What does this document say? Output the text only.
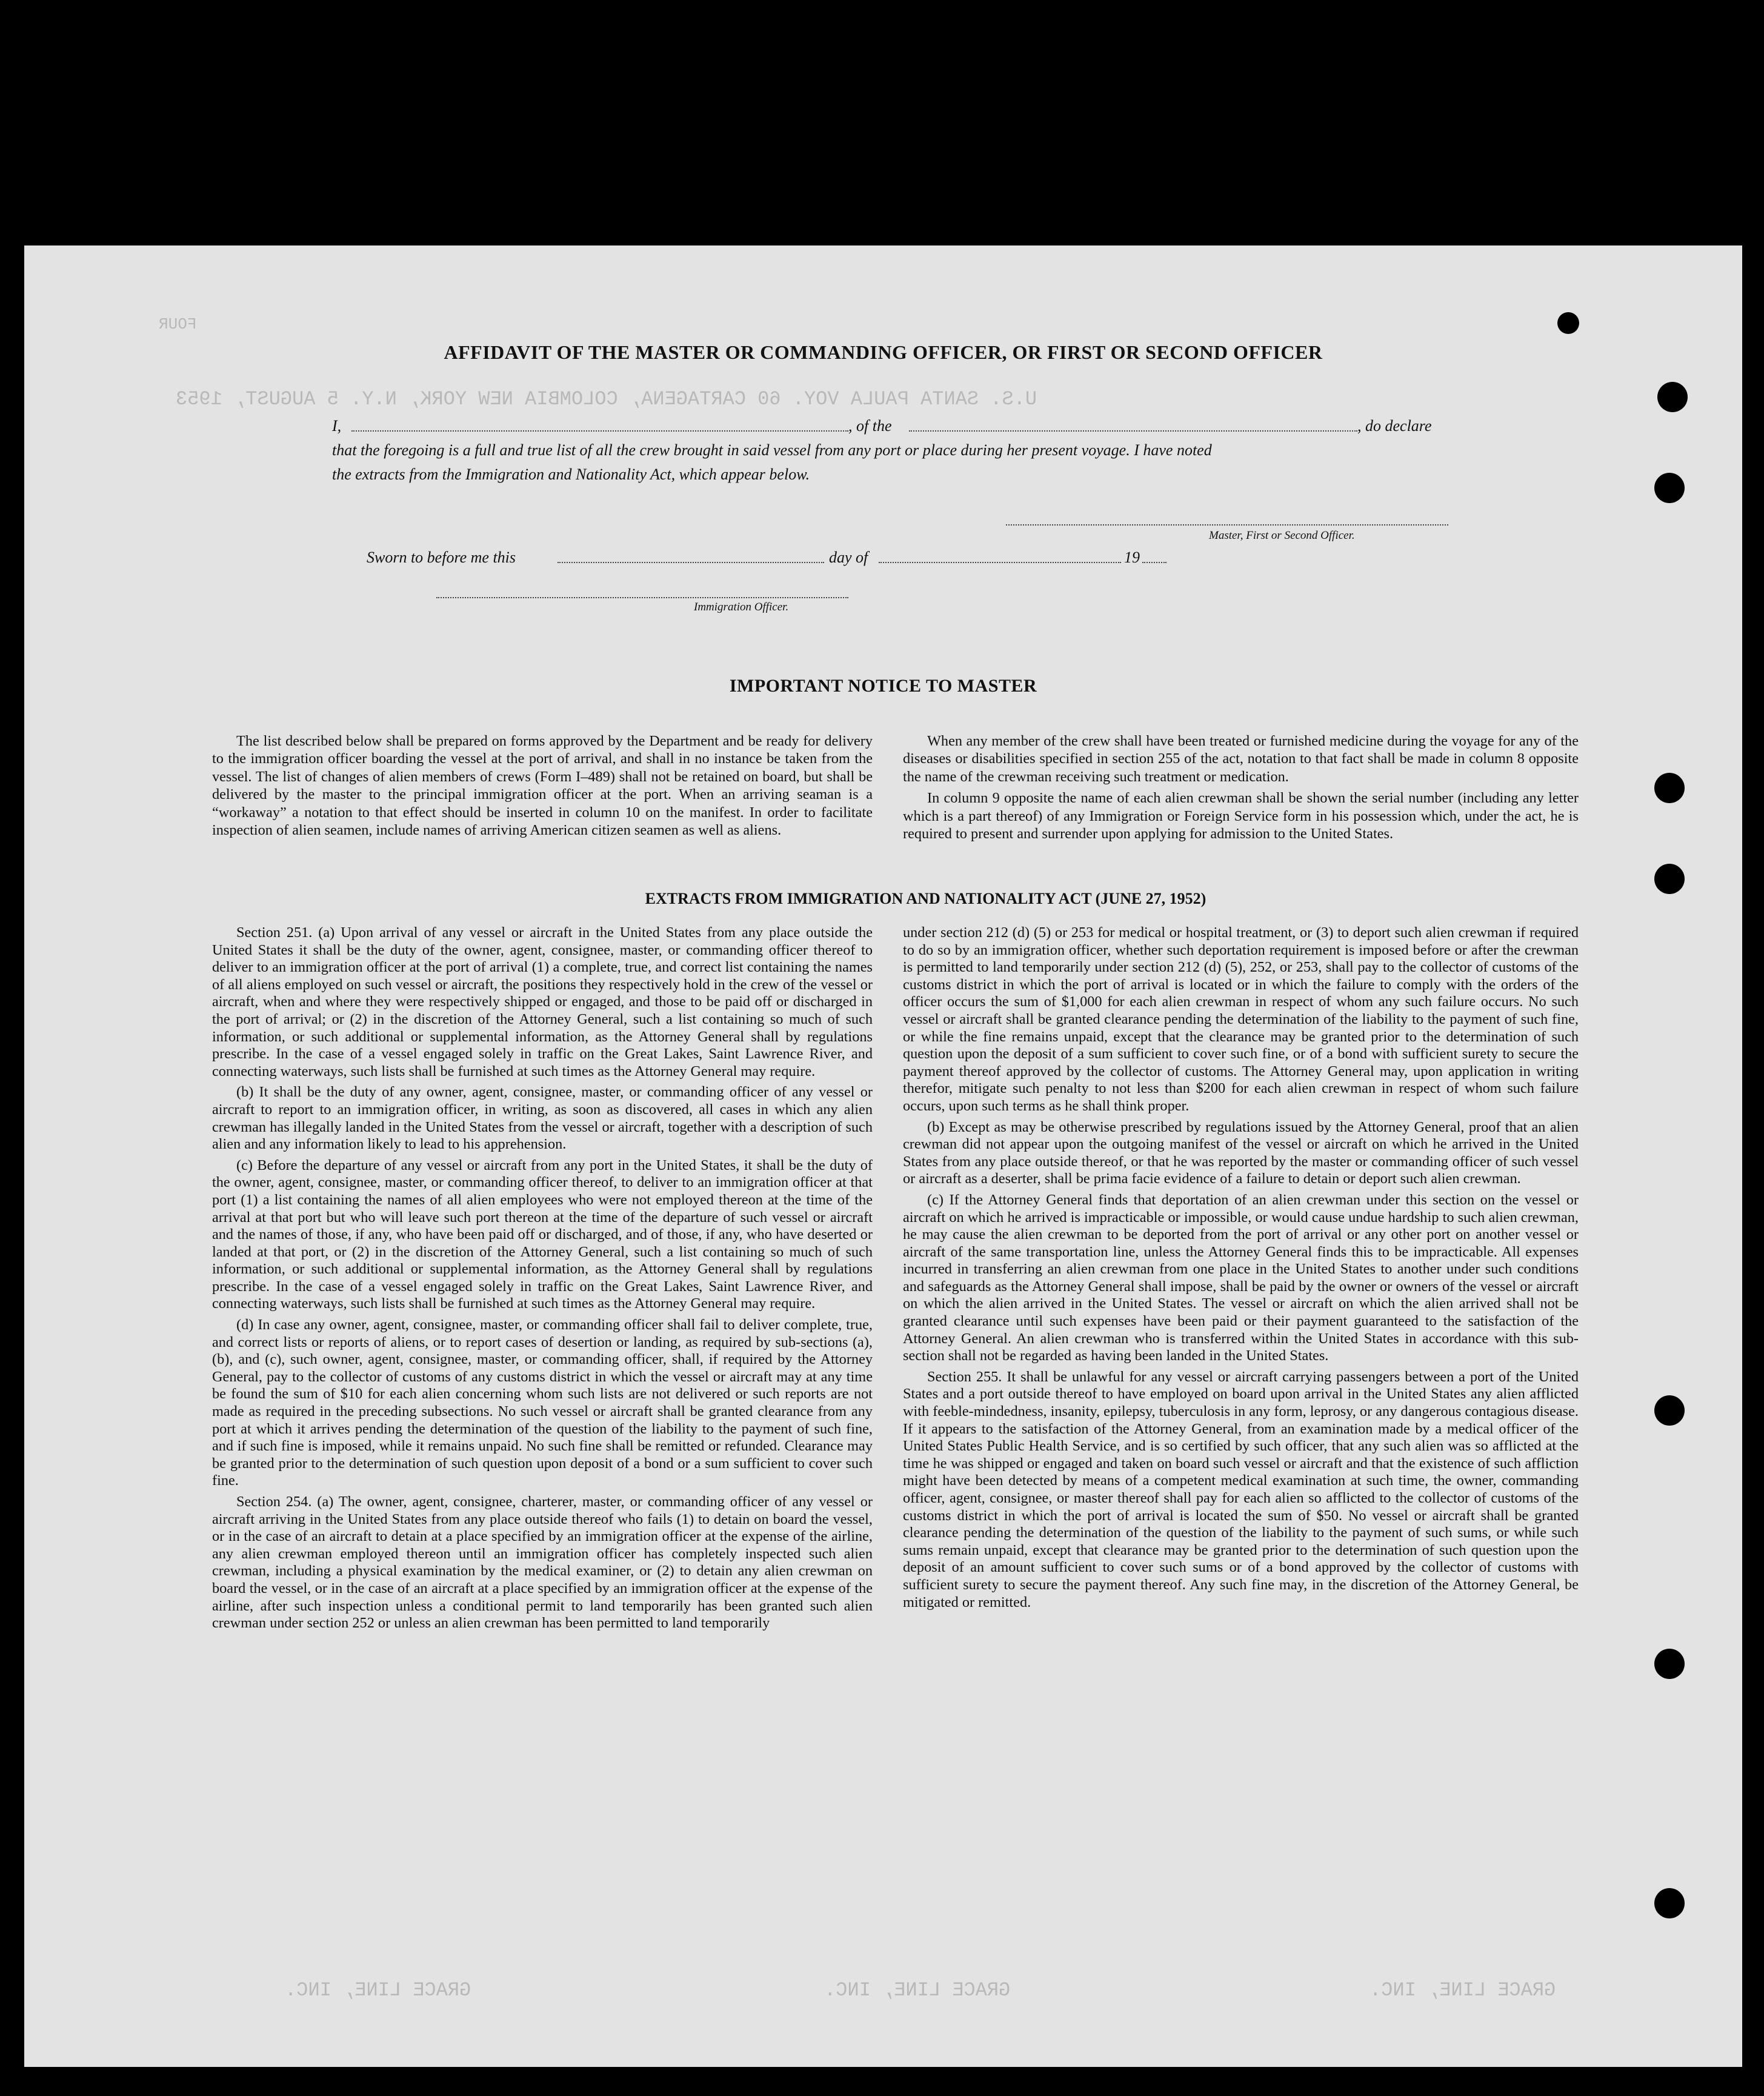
U.S. SANTA PAULA VOY. 60 CARTAGENA, COLOMBIA NEW YORK, N.Y. 5 AUGUST, 1953
FOUR
GRACE LINE, INC.	GRACE LINE, INC.	GRACE LINE, INC.
AFFIDAVIT OF THE MASTER OR COMMANDING OFFICER, OR FIRST OR SECOND OFFICER
I,	, of the	, do declare
that the foregoing is a full and true list of all the crew brought in said vessel from any port or place during her present voyage. I have noted
the extracts from the Immigration and Nationality Act, which appear below.
Master, First or Second Officer.
Sworn to before me this	day of	19
Immigration Officer.
IMPORTANT NOTICE TO MASTER

The list described below shall be prepared on forms approved by the Department and be ready for delivery to the immigration officer boarding the vessel at the port of arrival, and shall in no instance be taken from the vessel. The list of changes of alien members of crews (Form I–489) shall not be retained on board, but shall be delivered by the master to the principal immigration officer at the port. When an arriving seaman is a “workaway” a notation to that effect should be inserted in column 10 on the manifest. In order to facilitate inspection of alien seamen, include names of arriving American citizen seamen as well as aliens.

When any member of the crew shall have been treated or furnished medicine during the voyage for any of the diseases or disabilities specified in section 255 of the act, notation to that fact shall be made in column 8 opposite the name of the crewman receiving such treatment or medication.

In column 9 opposite the name of each alien crewman shall be shown the serial number (including any letter which is a part thereof) of any Immigration or Foreign Service form in his possession which, under the act, he is required to present and surrender upon applying for admission to the United States.

EXTRACTS FROM IMMIGRATION AND NATIONALITY ACT (JUNE 27, 1952)

Section 251. (a) Upon arrival of any vessel or aircraft in the United States from any place outside the United States it shall be the duty of the owner, agent, consignee, master, or commanding officer thereof to deliver to an immigration officer at the port of arrival (1) a complete, true, and correct list containing the names of all aliens employed on such vessel or aircraft, the positions they respectively hold in the crew of the vessel or aircraft, when and where they were respectively shipped or engaged, and those to be paid off or discharged in the port of arrival; or (2) in the discretion of the Attorney General, such a list containing so much of such information, or such additional or supplemental information, as the Attorney General shall by regulations prescribe. In the case of a vessel engaged solely in traffic on the Great Lakes, Saint Lawrence River, and connecting waterways, such lists shall be furnished at such times as the Attorney General may require.

(b) It shall be the duty of any owner, agent, consignee, master, or commanding officer of any vessel or aircraft to report to an immigration officer, in writing, as soon as discovered, all cases in which any alien crewman has illegally landed in the United States from the vessel or aircraft, together with a description of such alien and any information likely to lead to his apprehension.

(c) Before the departure of any vessel or aircraft from any port in the United States, it shall be the duty of the owner, agent, consignee, master, or commanding officer thereof, to deliver to an immigration officer at that port (1) a list containing the names of all alien employees who were not employed thereon at the time of the arrival at that port but who will leave such port thereon at the time of the departure of such vessel or aircraft and the names of those, if any, who have been paid off or discharged, and of those, if any, who have deserted or landed at that port, or (2) in the discretion of the Attorney General, such a list containing so much of such information, or such additional or supplemental information, as the Attorney General shall by regulations prescribe. In the case of a vessel engaged solely in traffic on the Great Lakes, Saint Lawrence River, and connecting waterways, such lists shall be furnished at such times as the Attorney General may require.

(d) In case any owner, agent, consignee, master, or commanding officer shall fail to deliver complete, true, and correct lists or reports of aliens, or to report cases of desertion or landing, as required by sub-sections (a), (b), and (c), such owner, agent, consignee, master, or commanding officer, shall, if required by the Attorney General, pay to the collector of customs of any customs district in which the vessel or aircraft may at any time be found the sum of $10 for each alien concerning whom such lists are not delivered or such reports are not made as required in the preceding subsections. No such vessel or aircraft shall be granted clearance from any port at which it arrives pending the determination of the question of the liability to the payment of such fine, and if such fine is imposed, while it remains unpaid. No such fine shall be remitted or refunded. Clearance may be granted prior to the determination of such question upon deposit of a bond or a sum sufficient to cover such fine.

Section 254. (a) The owner, agent, consignee, charterer, master, or commanding officer of any vessel or aircraft arriving in the United States from any place outside thereof who fails (1) to detain on board the vessel, or in the case of an aircraft to detain at a place specified by an immigration officer at the expense of the airline, any alien crewman employed thereon until an immigration officer has completely inspected such alien crewman, including a physical examination by the medical examiner, or (2) to detain any alien crewman on board the vessel, or in the case of an aircraft at a place specified by an immigration officer at the expense of the airline, after such inspection unless a conditional permit to land temporarily has been granted such alien crewman under section 252 or unless an alien crewman has been permitted to land temporarily

under section 212 (d) (5) or 253 for medical or hospital treatment, or (3) to deport such alien crewman if required to do so by an immigration officer, whether such deportation requirement is imposed before or after the crewman is permitted to land temporarily under section 212 (d) (5), 252, or 253, shall pay to the collector of customs of the customs district in which the port of arrival is located or in which the failure to comply with the orders of the officer occurs the sum of $1,000 for each alien crewman in respect of whom any such failure occurs. No such vessel or aircraft shall be granted clearance pending the determination of the liability to the payment of such fine, or while the fine remains unpaid, except that the clearance may be granted prior to the determination of such question upon the deposit of a sum sufficient to cover such fine, or of a bond with sufficient surety to secure the payment thereof approved by the collector of customs. The Attorney General may, upon application in writing therefor, mitigate such penalty to not less than $200 for each alien crewman in respect of whom such failure occurs, upon such terms as he shall think proper.

(b) Except as may be otherwise prescribed by regulations issued by the Attorney General, proof that an alien crewman did not appear upon the outgoing manifest of the vessel or aircraft on which he arrived in the United States from any place outside thereof, or that he was reported by the master or commanding officer of such vessel or aircraft as a deserter, shall be prima facie evidence of a failure to detain or deport such alien crewman.

(c) If the Attorney General finds that deportation of an alien crewman under this section on the vessel or aircraft on which he arrived is impracticable or impossible, or would cause undue hardship to such alien crewman, he may cause the alien crewman to be deported from the port of arrival or any other port on another vessel or aircraft of the same transportation line, unless the Attorney General finds this to be impracticable. All expenses incurred in transferring an alien crewman from one place in the United States to another under such conditions and safeguards as the Attorney General shall impose, shall be paid by the owner or owners of the vessel or aircraft on which the alien arrived in the United States. The vessel or aircraft on which the alien arrived shall not be granted clearance until such expenses have been paid or their payment guaranteed to the satisfaction of the Attorney General. An alien crewman who is transferred within the United States in accordance with this sub-section shall not be regarded as having been landed in the United States.

Section 255. It shall be unlawful for any vessel or aircraft carrying passengers between a port of the United States and a port outside thereof to have employed on board upon arrival in the United States any alien afflicted with feeble-mindedness, insanity, epilepsy, tuberculosis in any form, leprosy, or any dangerous contagious disease. If it appears to the satisfaction of the Attorney General, from an examination made by a medical officer of the United States Public Health Service, and is so certified by such officer, that any such alien was so afflicted at the time he was shipped or engaged and taken on board such vessel or aircraft and that the existence of such affliction might have been detected by means of a competent medical examination at such time, the owner, commanding officer, agent, consignee, or master thereof shall pay for each alien so afflicted to the collector of customs of the customs district in which the port of arrival is located the sum of $50. No vessel or aircraft shall be granted clearance pending the determination of the question of the liability to the payment of such sums, or while such sums remain unpaid, except that clearance may be granted prior to the determination of such question upon the deposit of an amount sufficient to cover such sums or of a bond approved by the collector of customs with sufficient surety to secure the payment thereof. Any such fine may, in the discretion of the Attorney General, be mitigated or remitted.
